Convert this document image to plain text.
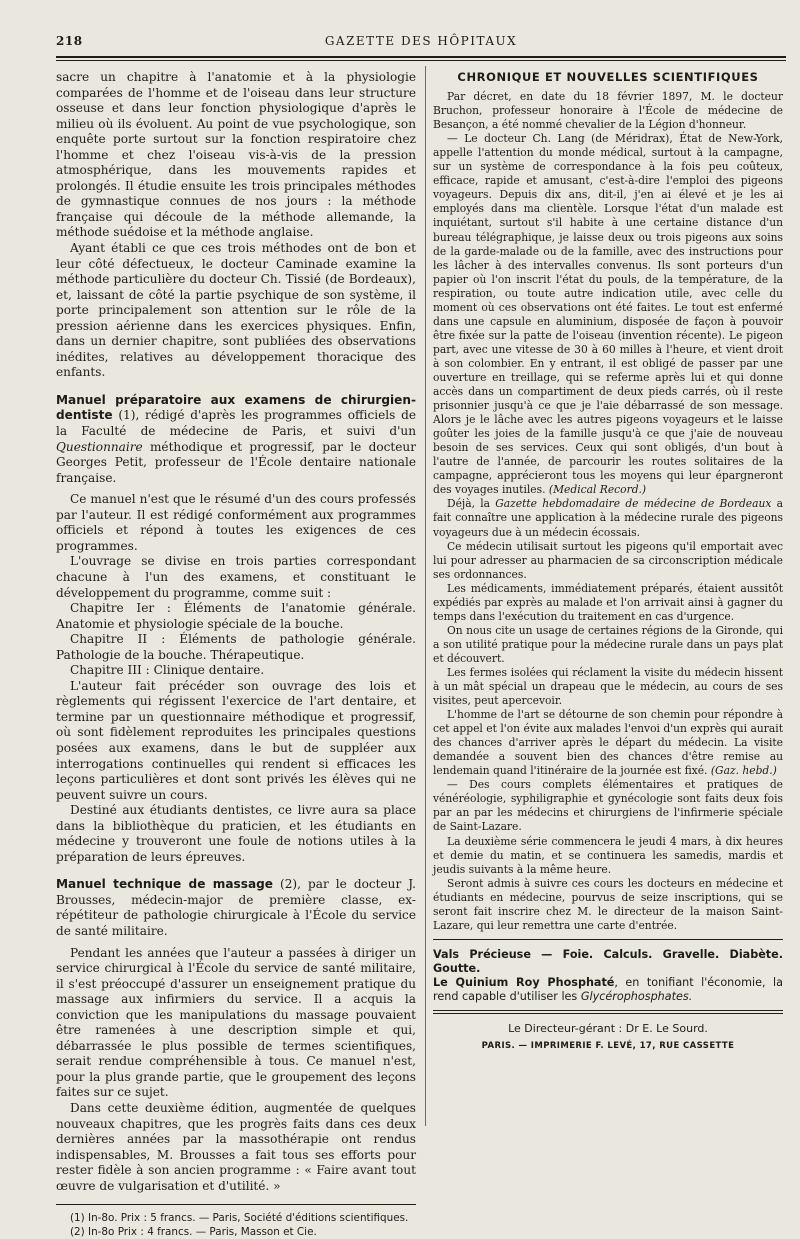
218	GAZETTE DES HÔPITAUX

sacre un chapitre à l'anatomie et à la physiologie comparées de l'homme et de l'oiseau dans leur structure osseuse et dans leur fonction physiologique d'après le milieu où ils évoluent. Au point de vue psychologique, son enquête porte surtout sur la fonction respiratoire chez l'homme et chez l'oiseau vis-à-vis de la pression atmosphérique, dans les mouvements rapides et prolongés. Il étudie ensuite les trois principales méthodes de gymnastique connues de nos jours : la méthode française qui découle de la méthode allemande, la méthode suédoise et la méthode anglaise.

Ayant établi ce que ces trois méthodes ont de bon et leur côté défectueux, le docteur Caminade examine la méthode particulière du docteur Ch. Tissié (de Bordeaux), et, laissant de côté la partie psychique de son système, il porte principalement son attention sur le rôle de la pression aérienne dans les exercices physiques. Enfin, dans un dernier chapitre, sont publiées des observations inédites, relatives au développement thoracique des enfants.

Manuel préparatoire aux examens de chirurgien-dentiste (1), rédigé d'après les programmes officiels de la Faculté de médecine de Paris, et suivi d'un Questionnaire méthodique et progressif, par le docteur Georges Petit, professeur de l'École dentaire nationale française.

Ce manuel n'est que le résumé d'un des cours professés par l'auteur. Il est rédigé conformément aux programmes officiels et répond à toutes les exigences de ces programmes.

L'ouvrage se divise en trois parties correspondant chacune à l'un des examens, et constituant le développement du programme, comme suit :

Chapitre Ier : Éléments de l'anatomie générale. Anatomie et physiologie spéciale de la bouche.

Chapitre II : Éléments de pathologie générale. Pathologie de la bouche. Thérapeutique.

Chapitre III : Clinique dentaire.

L'auteur fait précéder son ouvrage des lois et règlements qui régissent l'exercice de l'art dentaire, et termine par un questionnaire méthodique et progressif, où sont fidèlement reproduites les principales questions posées aux examens, dans le but de suppléer aux interrogations continuelles qui rendent si efficaces les leçons particulières et dont sont privés les élèves qui ne peuvent suivre un cours.

Destiné aux étudiants dentistes, ce livre aura sa place dans la bibliothèque du praticien, et les étudiants en médecine y trouveront une foule de notions utiles à la préparation de leurs épreuves.

Manuel technique de massage (2), par le docteur J. Brousses, médecin-major de première classe, ex-répétiteur de pathologie chirurgicale à l'École du service de santé militaire.

Pendant les années que l'auteur a passées à diriger un service chirurgical à l'École du service de santé militaire, il s'est préoccupé d'assurer un enseignement pratique du massage aux infirmiers du service. Il a acquis la conviction que les manipulations du massage pouvaient être ramenées à une description simple et qui, débarrassée le plus possible de termes scientifiques, serait rendue compréhensible à tous. Ce manuel n'est, pour la plus grande partie, que le groupement des leçons faites sur ce sujet.

Dans cette deuxième édition, augmentée de quelques nouveaux chapitres, que les progrès faits dans ces deux dernières années par la massothérapie ont rendus indispensables, M. Brousses a fait tous ses efforts pour rester fidèle à son ancien programme : « Faire avant tout œuvre de vulgarisation et d'utilité. »

(1) In-8o. Prix : 5 francs. — Paris, Société d'éditions scientifiques.

(2) In-8o Prix : 4 francs. — Paris, Masson et Cie.

CHRONIQUE ET NOUVELLES SCIENTIFIQUES

Par décret, en date du 18 février 1897, M. le docteur Bruchon, professeur honoraire à l'École de médecine de Besançon, a été nommé chevalier de la Légion d'honneur.

— Le docteur Ch. Lang (de Méridrax), État de New-York, appelle l'attention du monde médical, surtout à la campagne, sur un système de correspondance à la fois peu coûteux, efficace, rapide et amusant, c'est-à-dire l'emploi des pigeons voyageurs. Depuis dix ans, dit-il, j'en ai élevé et je les ai employés dans ma clientèle. Lorsque l'état d'un malade est inquiétant, surtout s'il habite à une certaine distance d'un bureau télégraphique, je laisse deux ou trois pigeons aux soins de la garde-malade ou de la famille, avec des instructions pour les lâcher à des intervalles convenus. Ils sont porteurs d'un papier où l'on inscrit l'état du pouls, de la température, de la respiration, ou toute autre indication utile, avec celle du moment où ces observations ont été faites. Le tout est enfermé dans une capsule en aluminium, disposée de façon à pouvoir être fixée sur la patte de l'oiseau (invention récente). Le pigeon part, avec une vitesse de 30 à 60 milles à l'heure, et vient droit à son colombier. En y entrant, il est obligé de passer par une ouverture en treillage, qui se referme après lui et qui donne accès dans un compartiment de deux pieds carrés, où il reste prisonnier jusqu'à ce que je l'aie débarrassé de son message. Alors je le lâche avec les autres pigeons voyageurs et le laisse goûter les joies de la famille jusqu'à ce que j'aie de nouveau besoin de ses services. Ceux qui sont obligés, d'un bout à l'autre de l'année, de parcourir les routes solitaires de la campagne, apprécieront tous les moyens qui leur épargneront des voyages inutiles. (Medical Record.)

Déjà, la Gazette hebdomadaire de médecine de Bordeaux a fait connaître une application à la médecine rurale des pigeons voyageurs due à un médecin écossais.

Ce médecin utilisait surtout les pigeons qu'il emportait avec lui pour adresser au pharmacien de sa circonscription médicale ses ordonnances.

Les médicaments, immédiatement préparés, étaient aussitôt expédiés par exprès au malade et l'on arrivait ainsi à gagner du temps dans l'exécution du traitement en cas d'urgence.

On nous cite un usage de certaines régions de la Gironde, qui a son utilité pratique pour la médecine rurale dans un pays plat et découvert.

Les fermes isolées qui réclament la visite du médecin hissent à un mât spécial un drapeau que le médecin, au cours de ses visites, peut apercevoir.

L'homme de l'art se détourne de son chemin pour répondre à cet appel et l'on évite aux malades l'envoi d'un exprès qui aurait des chances d'arriver après le départ du médecin. La visite demandée a souvent bien des chances d'être remise au lendemain quand l'itinéraire de la journée est fixé. (Gaz. hebd.)

— Des cours complets élémentaires et pratiques de vénéréologie, syphiligraphie et gynécologie sont faits deux fois par an par les médecins et chirurgiens de l'infirmerie spéciale de Saint-Lazare.

La deuxième série commencera le jeudi 4 mars, à dix heures et demie du matin, et se continuera les samedis, mardis et jeudis suivants à la même heure.

Seront admis à suivre ces cours les docteurs en médecine et étudiants en médecine, pourvus de seize inscriptions, qui se seront fait inscrire chez M. le directeur de la maison Saint-Lazare, qui leur remettra une carte d'entrée.

Vals Précieuse — Foie. Calculs. Gravelle. Diabète. Goutte.

Le Quinium Roy Phosphaté, en tonifiant l'économie, la rend capable d'utiliser les Glycérophosphates.

Le Directeur-gérant : Dr E. Le Sourd.
PARIS. — IMPRIMERIE F. LEVÉ, 17, RUE CASSETTE
